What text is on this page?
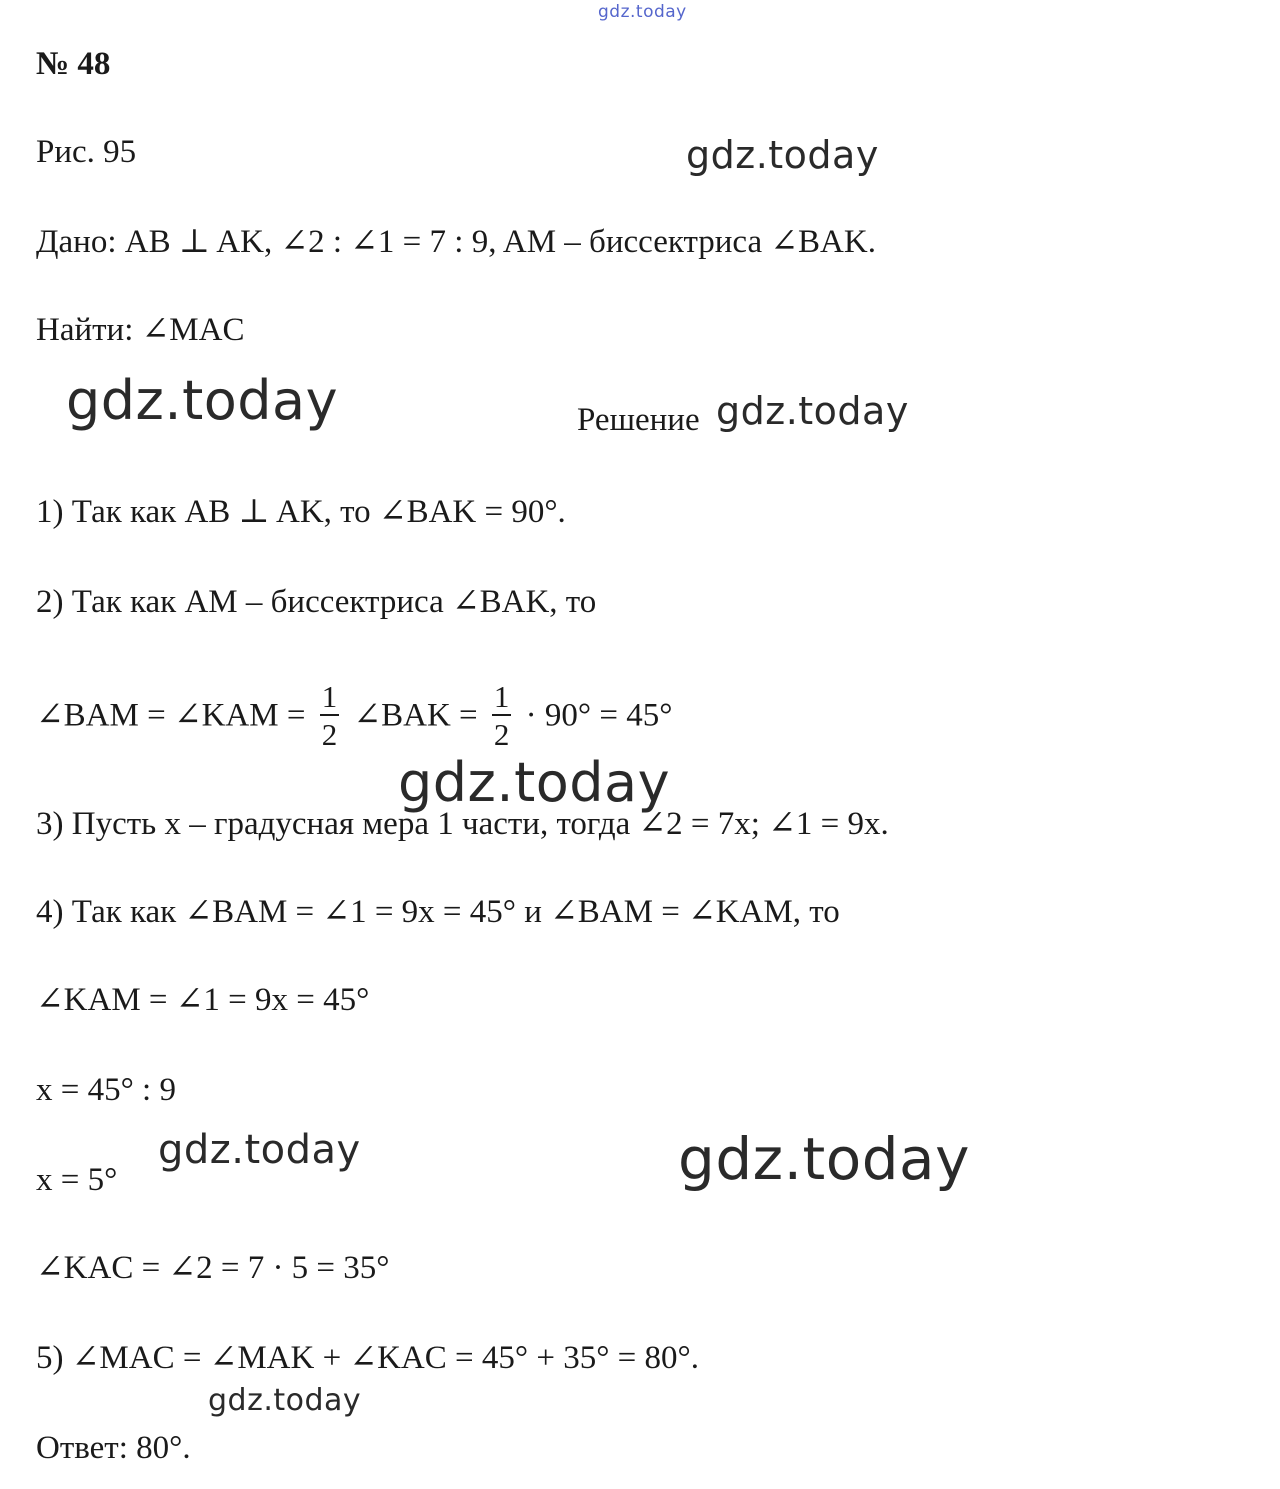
gdz.today
gdz.today
gdz.today	gdz.today
gdz.today
gdz.today	gdz.today
gdz.today
№ 48
Рис. 95
Дано: AB ⊥ AK, ∠2 : ∠1 = 7 : 9, AM – биссектриса ∠BAK.
Найти: ∠MAC
Решение
1) Так как AB ⊥ AK, то ∠BAK = 90°.
2) Так как AM – биссектриса ∠BAK, то
∠BAM = ∠KAM = $\frac{1}{2}$ ∠BAK = $\frac{1}{2} \cdot 90^\circ = 45^\circ$
3) Пусть x – градусная мера 1 части, тогда ∠2 = 7x; ∠1 = 9x.
4) Так как ∠BAM = ∠1 = 9x = 45° и ∠BAM = ∠KAM, то
∠KAM = ∠1 = 9x = 45°
x = 45° : 9
x = 5°
∠KAC = ∠2 = 7 · 5 = 35°
5) ∠MAC = ∠MAK + ∠KAC = 45° + 35° = 80°.
Ответ: 80°.
